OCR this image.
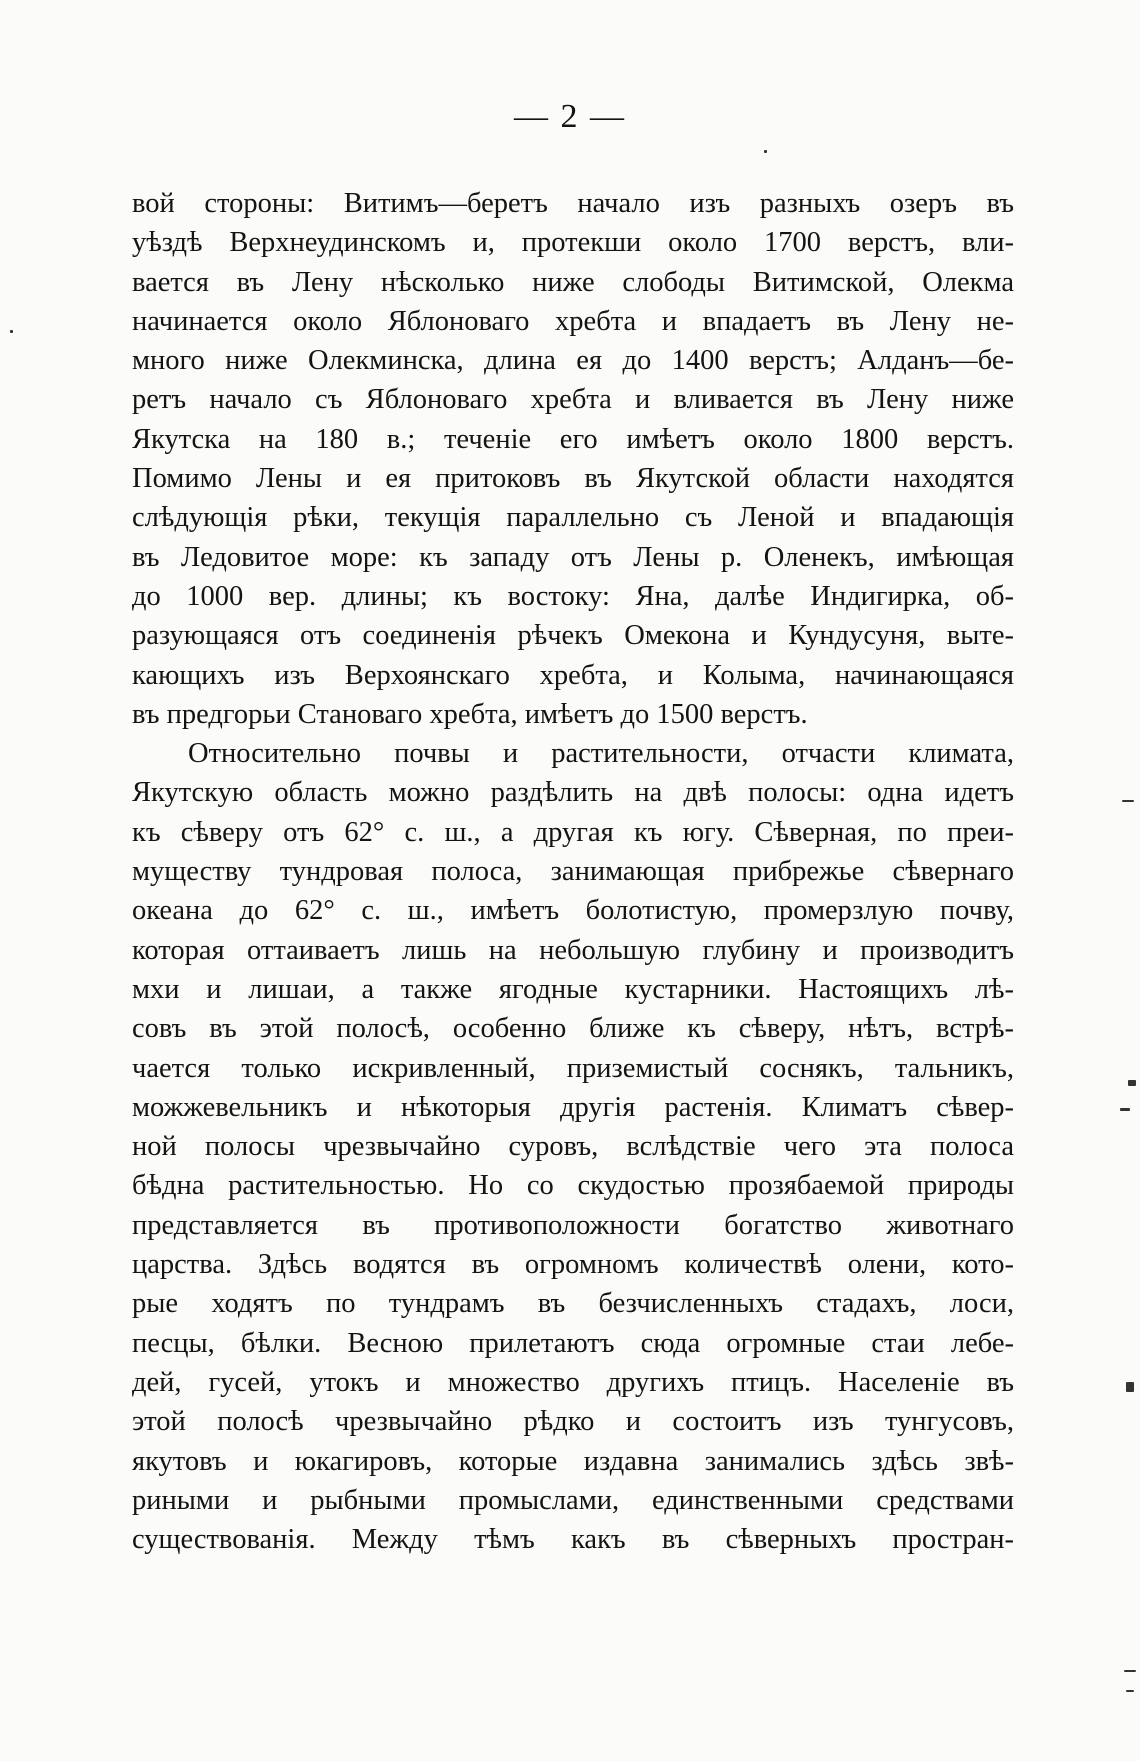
— 2 —
вой стороны: Витимъ—беретъ начало изъ разныхъ озеръ въ
уѣздѣ Верхнеудинскомъ и, протекши около 1700 верстъ, вли-
вается въ Лену нѣсколько ниже слободы Витимской, Олекма
начинается около Яблоноваго хребта и впадаетъ въ Лену не-
много ниже Олекминска, длина ея до 1400 верстъ; Алданъ—бе-
ретъ начало съ Яблоноваго хребта и вливается въ Лену ниже
Якутска на 180 в.; теченіе его имѣетъ около 1800 верстъ.
Помимо Лены и ея притоковъ въ Якутской области находятся
слѣдующія рѣки, текущія параллельно съ Леной и впадающія
въ Ледовитое море: къ западу отъ Лены р. Оленекъ, имѣющая
до 1000 вер. длины; къ востоку: Яна, далѣе Индигирка, об-
разующаяся отъ соединенія рѣчекъ Омекона и Кундусуня, выте-
кающихъ изъ Верхоянскаго хребта, и Колыма, начинающаяся
въ предгорьи Становаго хребта, имѣетъ до 1500 верстъ.
Относительно почвы и растительности, отчасти климата,
Якутскую область можно раздѣлить на двѣ полосы: одна идетъ
къ сѣверу отъ 62° с. ш., а другая къ югу. Сѣверная, по преи-
муществу тундровая полоса, занимающая прибрежье сѣвернаго
океана до 62° с. ш., имѣетъ болотистую, промерзлую почву,
которая оттаиваетъ лишь на небольшую глубину и производитъ
мхи и лишаи, а также ягодные кустарники. Настоящихъ лѣ-
совъ въ этой полосѣ, особенно ближе къ сѣверу, нѣтъ, встрѣ-
чается только искривленный, приземистый соснякъ, тальникъ,
можжевельникъ и нѣкоторыя другія растенія. Климатъ сѣвер-
ной полосы чрезвычайно суровъ, вслѣдствіе чего эта полоса
бѣдна растительностью. Но со скудостью прозябаемой природы
представляется въ противоположности богатство животнаго
царства. Здѣсь водятся въ огромномъ количествѣ олени, кото-
рые ходятъ по тундрамъ въ безчисленныхъ стадахъ, лоси,
песцы, бѣлки. Весною прилетаютъ сюда огромные стаи лебе-
дей, гусей, утокъ и множество другихъ птицъ. Населеніе въ
этой полосѣ чрезвычайно рѣдко и состоитъ изъ тунгусовъ,
якутовъ и юкагировъ, которые издавна занимались здѣсь звѣ-
риными и рыбными промыслами, единственными средствами
существованія. Между тѣмъ какъ въ сѣверныхъ простран-
